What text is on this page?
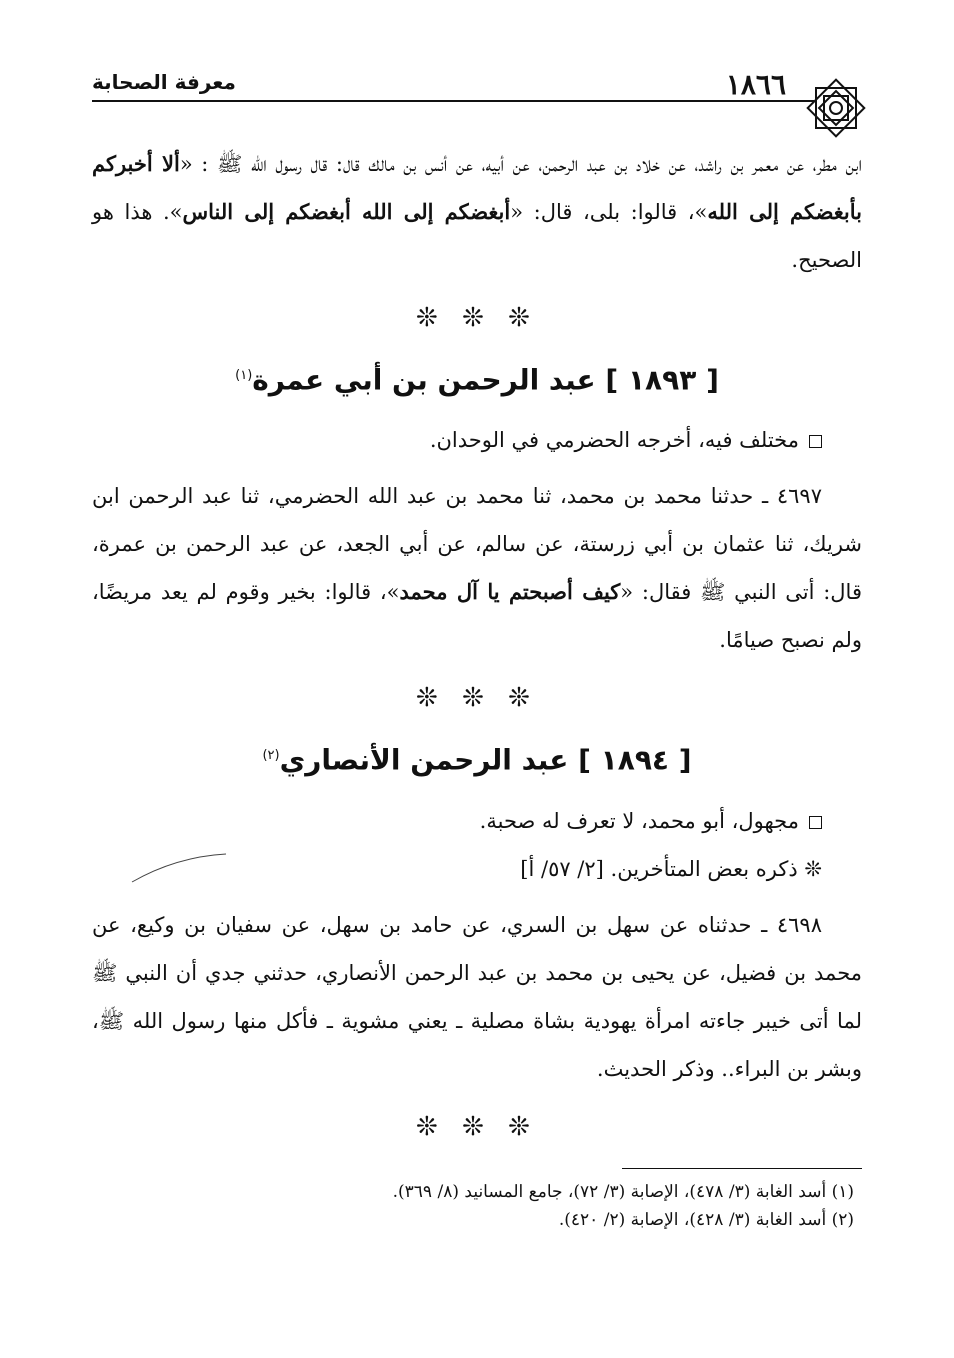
١٨٦٦
معرفة الصحابة

ابن مطر، عن معمر بن راشد، عن خلاد بن عبد الرحمن، عن أبيه، عن أنس بن مالك قال: قال رسول الله ﷺ : «ألا أخبركم بأبغضكم إلى الله»، قالوا: بلى، قال: «أبغضكم إلى الله أبغضكم إلى الناس». هذا هو الصحيح.

❊ ❊ ❊
[ ١٨٩٣ ] عبد الرحمن بن أبي عمرة$^{(١)}$

مختلف فيه، أخرجه الحضرمي في الوحدان.

٤٦٩٧ ـ حدثنا محمد بن محمد، ثنا محمد بن عبد الله الحضرمي، ثنا عبد الرحمن ابن شريك، ثنا عثمان بن أبي زرستة، عن سالم، عن أبي الجعد، عن عبد الرحمن بن عمرة، قال: أتى النبي ﷺ فقال: «كيف أصبحتم يا آل محمد»، قالوا: بخير وقوم لم يعد مريضًا، ولم نصبح صيامًا.

❊ ❊ ❊
[ ١٨٩٤ ] عبد الرحمن الأنصاري$^{(٢)}$

مجهول، أبو محمد، لا تعرف له صحبة.

❊ ذكره بعض المتأخرين. [٢/ ٥٧/ أ]

٤٦٩٨ ـ حدثناه عن سهل بن السري، عن حامد بن سهل، عن سفيان بن وكيع، عن محمد بن فضيل، عن يحيى بن محمد بن عبد الرحمن الأنصاري، حدثني جدي أن النبي ﷺ لما أتى خيبر جاءته امرأة يهودية بشاة مصلية ـ يعني مشوية ـ فأكل منها رسول الله ﷺ، وبشر بن البراء.. وذكر الحديث.

❊ ❊ ❊
(١) أسد الغابة (٣/ ٤٧٨)، الإصابة (٣/ ٧٢)، جامع المسانيد (٨/ ٣٦٩).
(٢) أسد الغابة (٣/ ٤٢٨)، الإصابة (٢/ ٤٢٠).
